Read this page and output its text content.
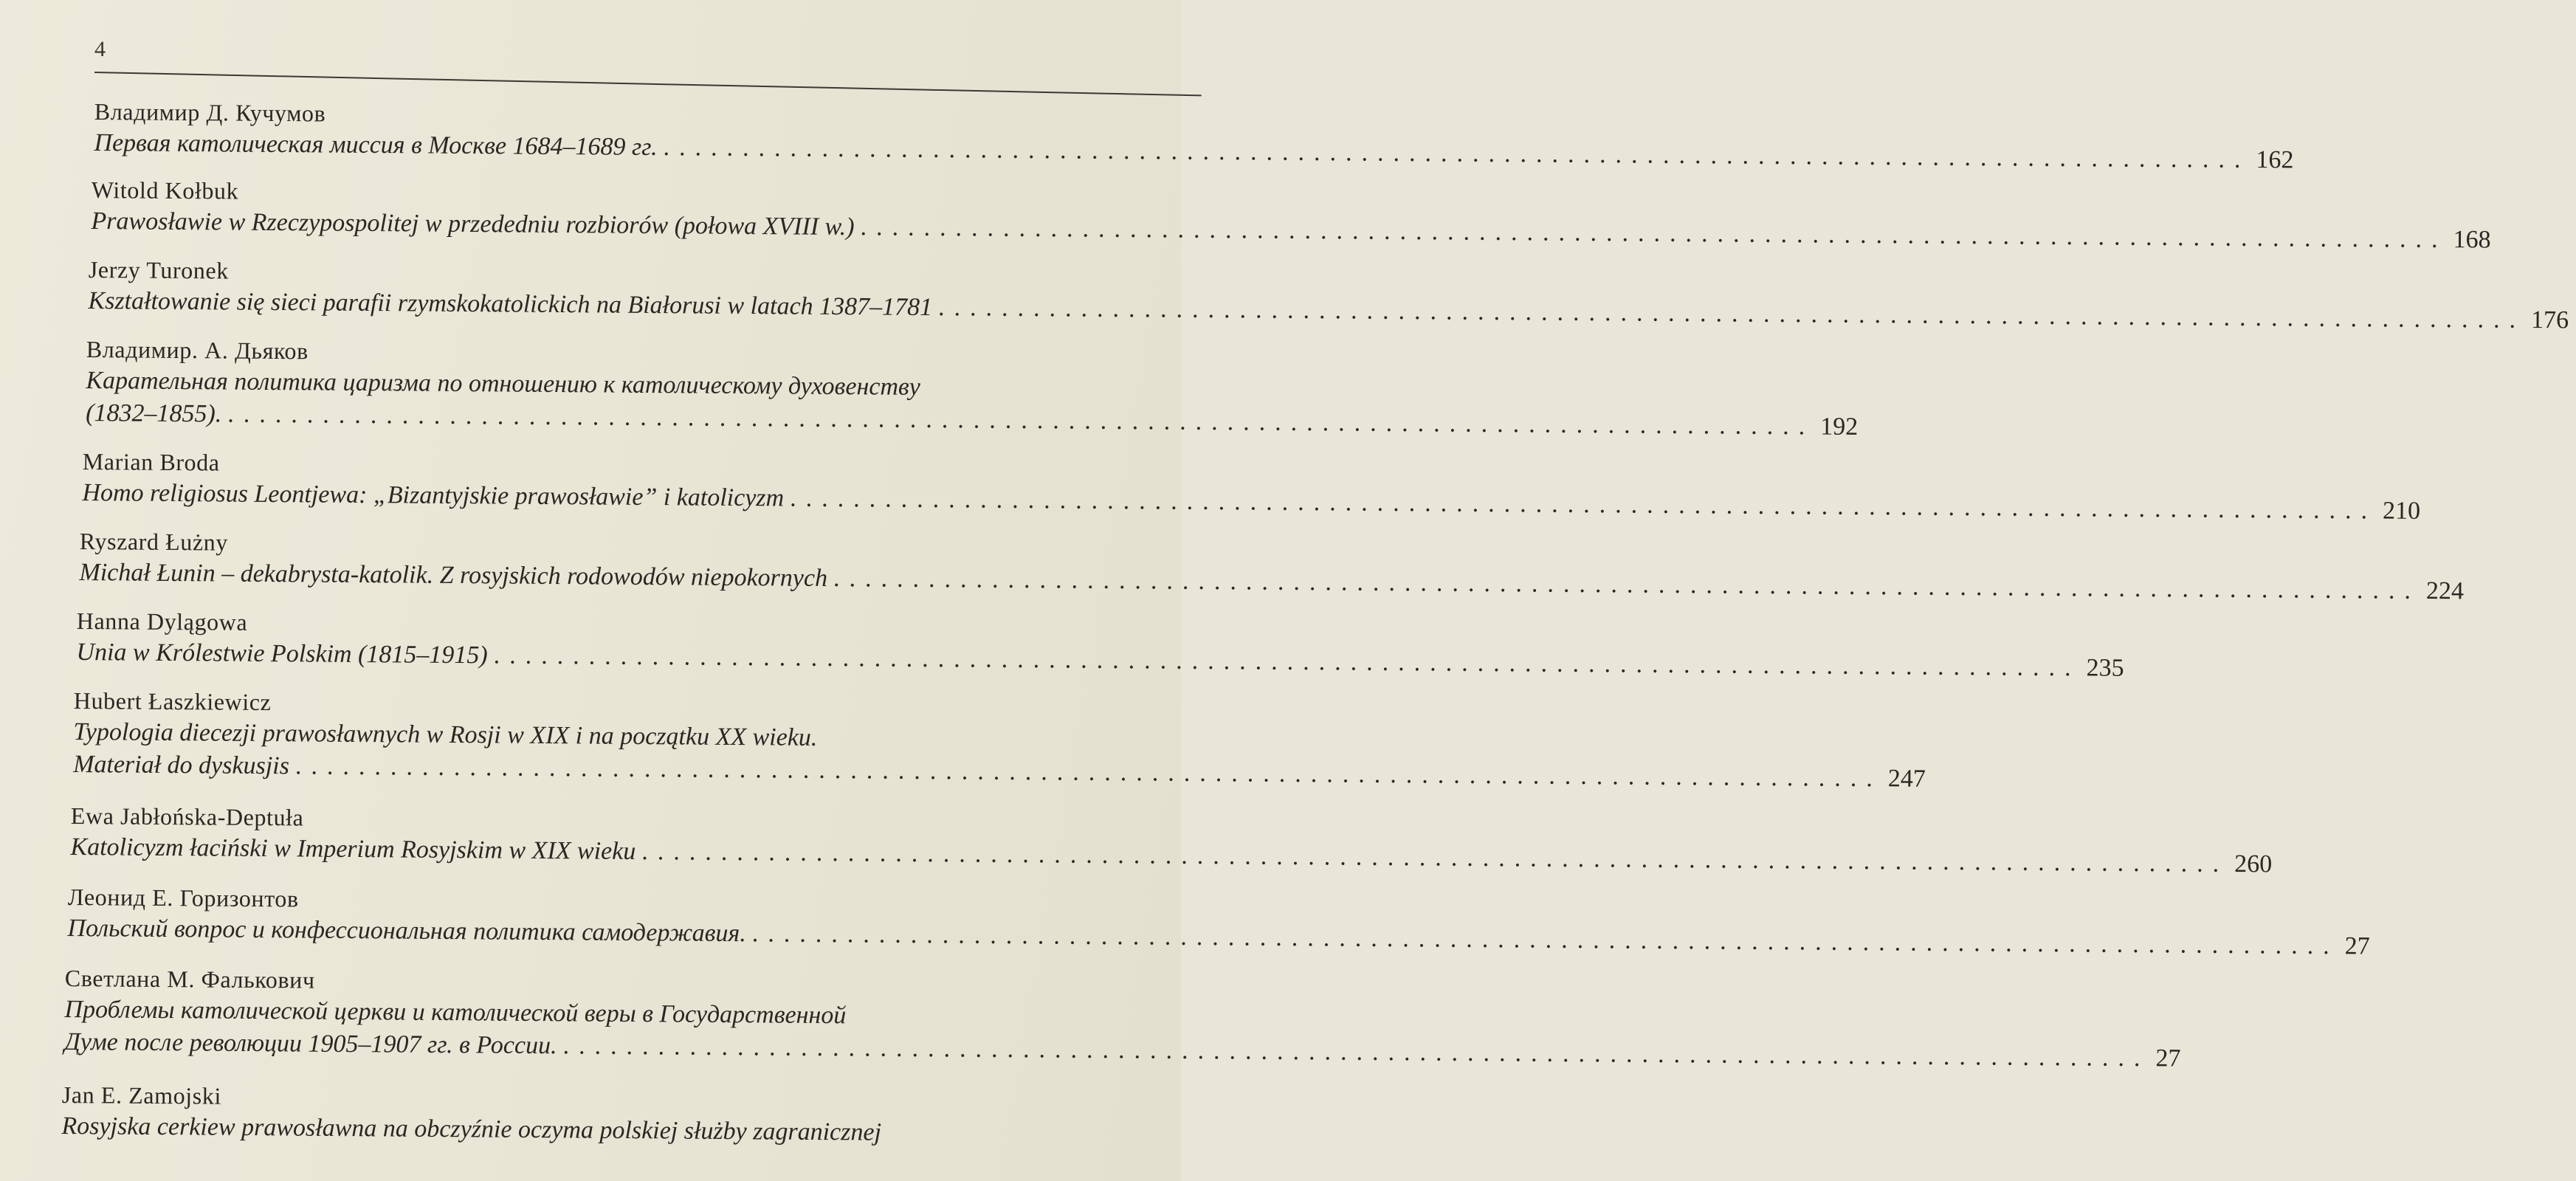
4
Владимир Д. Кучумов
Первая католическая миссия в Москве 1684–1689 гг. .................................................................................................... 162
Witold Kołbuk
Prawosławie w Rzeczypospolitej w przededniu rozbiorów (połowa XVIII w.) .................................................................................................... 168
Jerzy Turonek
Kształtowanie się sieci parafii rzymskokatolickich na Białorusi w latach 1387–1781 .................................................................................................... 176
Владимир. А. Дьяков
Карательная политика царизма по отношению к католическому духовенству
(1832–1855). .................................................................................................... 192
Marian Broda
Homo religiosus Leontjewa: „Bizantyjskie prawosławie” i katolicyzm .................................................................................................... 210
Ryszard Łużny
Michał Łunin – dekabrysta-katolik. Z rosyjskich rodowodów niepokornych .................................................................................................... 224
Hanna Dylągowa
Unia w Królestwie Polskim (1815–1915) .................................................................................................... 235
Hubert Łaszkiewicz
Typologia diecezji prawosławnych w Rosji w XIX i na początku XX wieku.
Materiał do dyskusjis .................................................................................................... 247
Ewa Jabłońska-Deptuła
Katolicyzm łaciński w Imperium Rosyjskim w XIX wieku .................................................................................................... 260
Леонид Е. Горизонтов
Польский вопрос и конфессиональная политика самодержавия. .................................................................................................... 27
Светлана М. Фалькович
Проблемы католической церкви и католической веры в Государственной
Думе после революции 1905–1907 гг. в России. .................................................................................................... 27
Jan E. Zamojski
Rosyjska cerkiew prawosławna na obczyźnie oczyma polskiej służby zagranicznej
